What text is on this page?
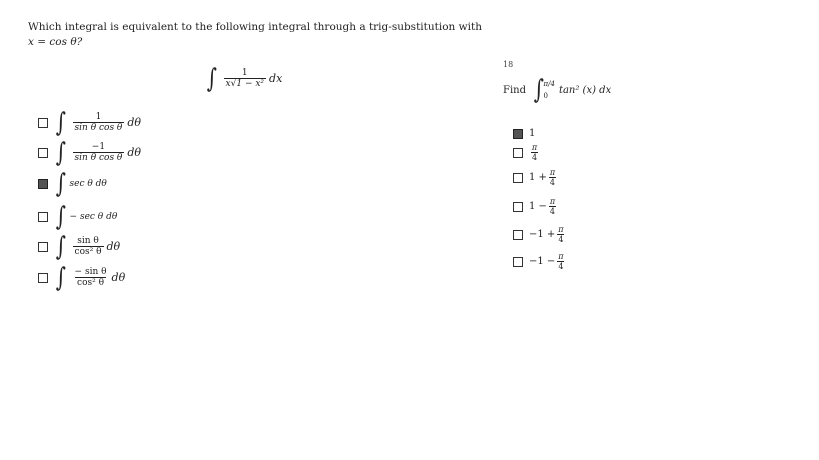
Which integral is equivalent to the following integral through a trig-substitution with
x = cos θ?
∫ $\frac{1}{\text{x√1 − x²}}$ dx
∫ $\frac{1}{\text{sin θ cos θ}}$ dθ
∫ $\frac{-1}{\text{sin θ cos θ}}$ dθ
∫ sec θ dθ
∫ − sec θ dθ
∫ $\frac{\text{sin θ}}{\text{cos² θ}}$ dθ
∫ $\frac{\text{− sin θ}}{\text{cos² θ}}$ dθ
18
Find ∫ π/4
0
tan² (x) dx
1
π
4
$1 + \frac{\pi}{4}$
$1 - \frac{\pi}{4}$
$-1 + \frac{\pi}{4}$
$-1 - \frac{\pi}{4}$
